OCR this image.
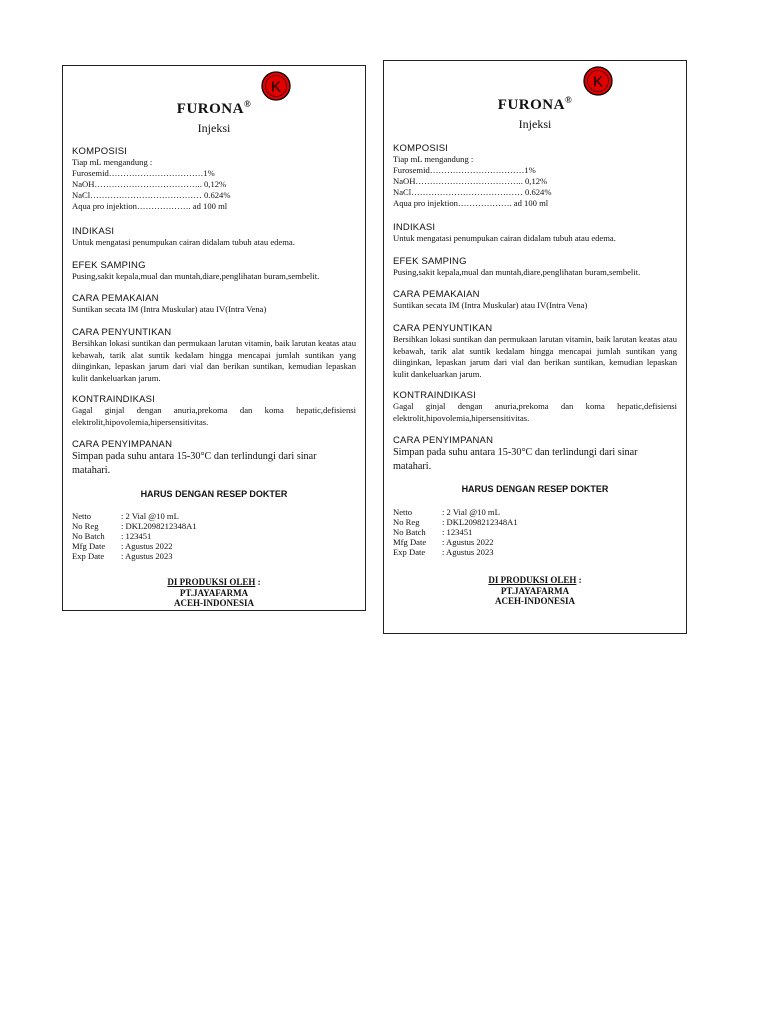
K

FURONA®

Injeksi

KOMPOSISI

Tiap mL mengandung :

Furosemid……………………………1%

NaOH……………………………….. 0,12%

NaCl………………………………… 0.624%

Aqua pro injektion………………. ad 100 ml

INDIKASI

Untuk mengatasi penumpukan cairan didalam tubuh atau edema.

EFEK SAMPING

Pusing,sakit kepala,mual dan muntah,diare,penglihatan buram,sembelit.

CARA PEMAKAIAN

Suntikan secata IM (Intra Muskular) atau IV(Intra Vena)

CARA PENYUNTIKAN

Bersihkan lokasi suntikan dan permukaan larutan vitamin, baik larutan keatas atau kebawah, tarik alat suntik kedalam hingga mencapai jumlah suntikan yang diinginkan, lepaskan jarum dari vial dan berikan suntikan, kemudian lepaskan kulit dankeluarkan jarum.

KONTRAINDIKASI

Gagal ginjal dengan anuria,prekoma dan koma hepatic,defisiensi elektrolit,hipovolemia,hipersensitivitas.

CARA PENYIMPANAN

Simpan pada suhu antara 15-30°C dan terlindungi dari sinar matahari.

HARUS DENGAN RESEP DOKTER

Netto	: 2 Vial @10 mL
No Reg	: DKL2098212348A1
No Batch	: 123451
Mfg Date	: Agustus 2022
Exp Date	: Agustus 2023

DI PRODUKSI OLEH :

PT.JAYAFARMA

ACEH-INDONESIA

K

FURONA®

Injeksi

KOMPOSISI

Tiap mL mengandung :

Furosemid……………………………1%

NaOH……………………………….. 0,12%

NaCl………………………………… 0.624%

Aqua pro injektion………………. ad 100 ml

INDIKASI

Untuk mengatasi penumpukan cairan didalam tubuh atau edema.

EFEK SAMPING

Pusing,sakit kepala,mual dan muntah,diare,penglihatan buram,sembelit.

CARA PEMAKAIAN

Suntikan secata IM (Intra Muskular) atau IV(Intra Vena)

CARA PENYUNTIKAN

Bersihkan lokasi suntikan dan permukaan larutan vitamin, baik larutan keatas atau kebawah, tarik alat suntik kedalam hingga mencapai jumlah suntikan yang diinginkan, lepaskan jarum dari vial dan berikan suntikan, kemudian lepaskan kulit dankeluarkan jarum.

KONTRAINDIKASI

Gagal ginjal dengan anuria,prekoma dan koma hepatic,defisiensi elektrolit,hipovolemia,hipersensitivitas.

CARA PENYIMPANAN

Simpan pada suhu antara 15-30°C dan terlindungi dari sinar matahari.

HARUS DENGAN RESEP DOKTER

Netto	: 2 Vial @10 mL
No Reg	: DKL2098212348A1
No Batch	: 123451
Mfg Date	: Agustus 2022
Exp Date	: Agustus 2023

DI PRODUKSI OLEH :

PT.JAYAFARMA

ACEH-INDONESIA
